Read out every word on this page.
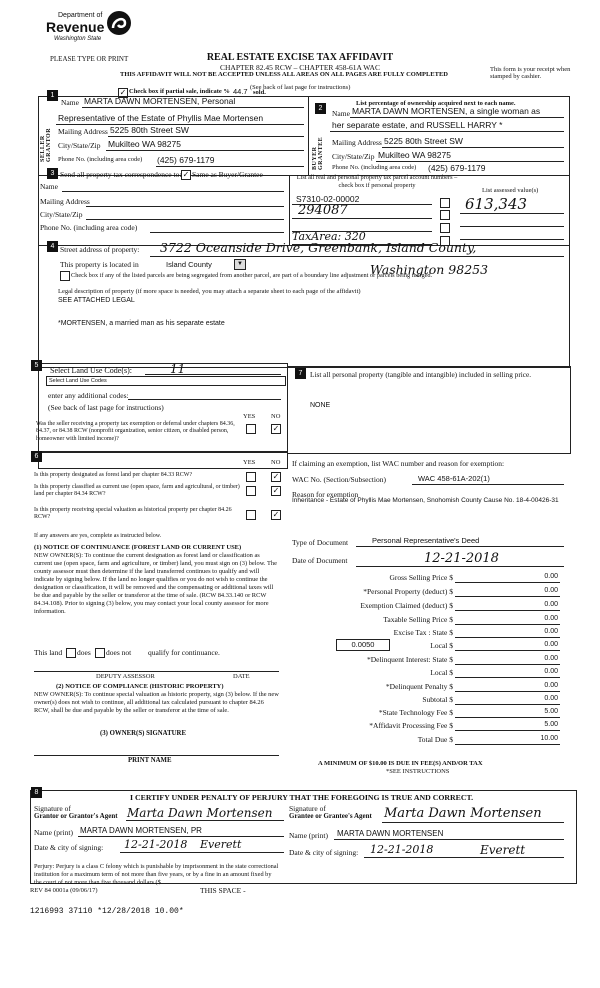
Department of
Revenue
Washington State
PLEASE TYPE OR PRINT	REAL ESTATE EXCISE TAX AFFIDAVIT
CHAPTER 82.45 RCW – CHAPTER 458-61A WAC
THIS AFFIDAVIT WILL NOT BE ACCEPTED UNLESS ALL AREAS ON ALL PAGES ARE FULLY COMPLETED
This form is your receipt when stamped by cashier.
(See back of last page for instructions)
✓ Check box if partial sale, indicate % 44.7 sold.
List percentage of ownership acquired next to each name.
1
SELLER GRANTOR
Name MARTA DAWN MORTENSEN, Personal
Representative of the Estate of Phyllis Mae Mortensen
Mailing Address 5225 80th Street SW
City/State/Zip Mukilteo WA 98275
Phone No. (including area code) (425) 679-1179
2
BUYER GRANTEE
Name MARTA DAWN MORTENSEN, a single woman as
her separate estate, and RUSSELL HARRY *
Mailing Address 5225 80th Street SW
City/State/Zip Mukilteo WA 98275
Phone No. (including area code) (425) 679-1179
3 Send all property tax correspondence to: ✓ Same as Buyer/Grantee
Name
Mailing Address
City/State/Zip
Phone No. (including area code)
List all real and personal property tax parcel account numbers – check box if personal property
List assessed value(s)
S7310-02-00002
294087	613,343
TaxArea: 320
4 Street address of property: 3722 Oceanside Drive, Greenbank, Island County,
This property is located in	Island County	▼	Washington 98253
Check box if any of the listed parcels are being segregated from another parcel, are part of a boundary line adjustment or parcels being merged.
Legal description of property (if more space is needed, you may attach a separate sheet to each page of the affidavit)
SEE ATTACHED LEGAL
*MORTENSEN, a married man as his separate estate
5
Select Land Use Code(s):	11
Select Land Use Codes
enter any additional codes:
(See back of last page for instructions)
YES NO
Was the seller receiving a property tax exemption or deferral under chapters 84.36, 84.37, or 84.38 RCW (nonprofit organization, senior citizen, or disabled person, homeowner with limited income)?
✓
6
YES NO
Is this property designated as forest land per chapter 84.33 RCW?	✓
Is this property classified as current use (open space, farm and agricultural, or timber) land per chapter 84.34 RCW?	✓
Is this property receiving special valuation as historical property per chapter 84.26 RCW?	✓
If any answers are yes, complete as instructed below.
(1) NOTICE OF CONTINUANCE (FOREST LAND OR CURRENT USE)
NEW OWNER(S): To continue the current designation as forest land or classification as current use (open space, farm and agriculture, or timber) land, you must sign on (3) below. The county assessor must then determine if the land transferred continues to qualify and will indicate by signing below. If the land no longer qualifies or you do not wish to continue the designation or classification, it will be removed and the compensating or additional taxes will be due and payable by the seller or transferor at the time of sale. (RCW 84.33.140 or RCW 84.34.108). Prior to signing (3) below, you may contact your local county assessor for more information.
This land does does not qualify for continuance.
DEPUTY ASSESSOR	DATE
(2) NOTICE OF COMPLIANCE (HISTORIC PROPERTY)
NEW OWNER(S): To continue special valuation as historic property, sign (3) below. If the new owner(s) does not wish to continue, all additional tax calculated pursuant to chapter 84.26 RCW, shall be due and payable by the seller or transferor at the time of sale.
(3) OWNER(S) SIGNATURE
PRINT NAME
7	List all personal property (tangible and intangible) included in selling price.
NONE
If claiming an exemption, list WAC number and reason for exemption:
WAC No. (Section/Subsection)	WAC 458-61A-202(1)
Reason for exemption
Inheritance - Estate of Phyllis Mae Mortensen, Snohomish County Cause No. 18-4-00426-31
Type of Document	Personal Representative's Deed
Date of Document	12-21-2018
Gross Selling Price $	0.00
*Personal Property (deduct) $	0.00
Exemption Claimed (deduct) $	0.00
Taxable Selling Price $	0.00
Excise Tax : State $	0.00
0.0050	Local $	0.00
*Delinquent Interest: State $	0.00
Local $	0.00
*Delinquent Penalty $	0.00
Subtotal $	0.00
*State Technology Fee $	5.00
*Affidavit Processing Fee $	5.00
Total Due $	10.00
A MINIMUM OF $10.00 IS DUE IN FEE(S) AND/OR TAX
*SEE INSTRUCTIONS
8
I CERTIFY UNDER PENALTY OF PERJURY THAT THE FOREGOING IS TRUE AND CORRECT.
Signature of
Grantor or Grantor's Agent Marta Dawn Mortensen
Name (print) MARTA DAWN MORTENSEN, PR
Date & city of signing: 12-21-2018 Everett
Signature of
Grantee or Grantee's Agent Marta Dawn Mortensen
Name (print) MARTA DAWN MORTENSEN
Date & city of signing: 12-21-2018	Everett
Perjury: Perjury is a class C felony which is punishable by imprisonment in the state correctional institution for a maximum term of not more than five years, or by a fine in an amount fixed by the court of not more than five thousand dollars ($
REV 84 0001a (09/06/17)	THIS SPACE -
1216993 37110 *12/28/2018 10.00*
